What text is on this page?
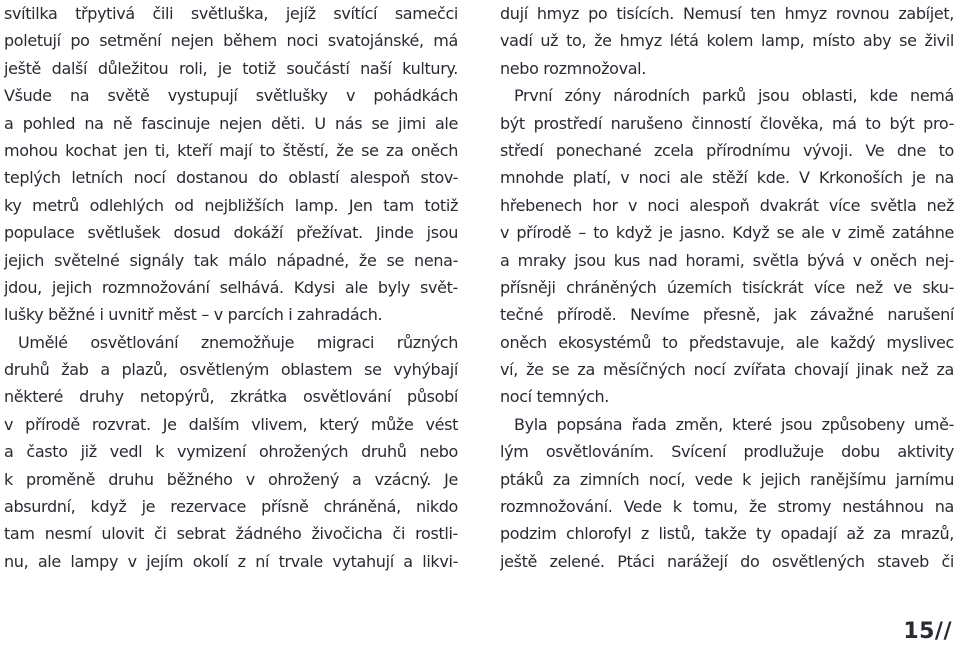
svítilka třpytivá čili světluška, jejíž svítící samečci
poletují po setmění nejen během noci svatojánské, má
ještě další důležitou roli, je totiž součástí naší kultury.
Všude na světě vystupují světlušky v pohádkách
a pohled na ně fascinuje nejen děti. U nás se jimi ale
mohou kochat jen ti, kteří mají to štěstí, že se za oněch
teplých letních nocí dostanou do oblastí alespoň stov-
ky metrů odlehlých od nejbližších lamp. Jen tam totiž
populace světlušek dosud dokáží přežívat. Jinde jsou
jejich světelné signály tak málo nápadné, že se nena-
jdou, jejich rozmnožování selhává. Kdysi ale byly svět-
lušky běžné i uvnitř měst – v parcích i zahradách.
Umělé osvětlování znemožňuje migraci různých
druhů žab a plazů, osvětleným oblastem se vyhýbají
některé druhy netopýrů, zkrátka osvětlování působí
v přírodě rozvrat. Je dalším vlivem, který může vést
a často již vedl k vymizení ohrožených druhů nebo
k proměně druhu běžného v ohrožený a vzácný. Je
absurdní, když je rezervace přísně chráněná, nikdo
tam nesmí ulovit či sebrat žádného živočicha či rostli-
nu, ale lampy v jejím okolí z ní trvale vytahují a likvi-
dují hmyz po tisících. Nemusí ten hmyz rovnou zabíjet,
vadí už to, že hmyz létá kolem lamp, místo aby se živil
nebo rozmnožoval.
První zóny národních parků jsou oblasti, kde nemá
být prostředí narušeno činností člověka, má to být pro-
středí ponechané zcela přírodnímu vývoji. Ve dne to
mnohde platí, v noci ale stěží kde. V Krkonoších je na
hřebenech hor v noci alespoň dvakrát více světla než
v přírodě – to když je jasno. Když se ale v zimě zatáhne
a mraky jsou kus nad horami, světla bývá v oněch nej-
přísněji chráněných územích tisíckrát více než ve sku-
tečné přírodě. Nevíme přesně, jak závažné narušení
oněch ekosystémů to představuje, ale každý myslivec
ví, že se za měsíčných nocí zvířata chovají jinak než za
nocí temných.
Byla popsána řada změn, které jsou způsobeny umě-
lým osvětlováním. Svícení prodlužuje dobu aktivity
ptáků za zimních nocí, vede k jejich ranějšímu jarnímu
rozmnožování. Vede k tomu, že stromy nestáhnou na
podzim chlorofyl z listů, takže ty opadají až za mrazů,
ještě zelené. Ptáci narážejí do osvětlených staveb či
15//
